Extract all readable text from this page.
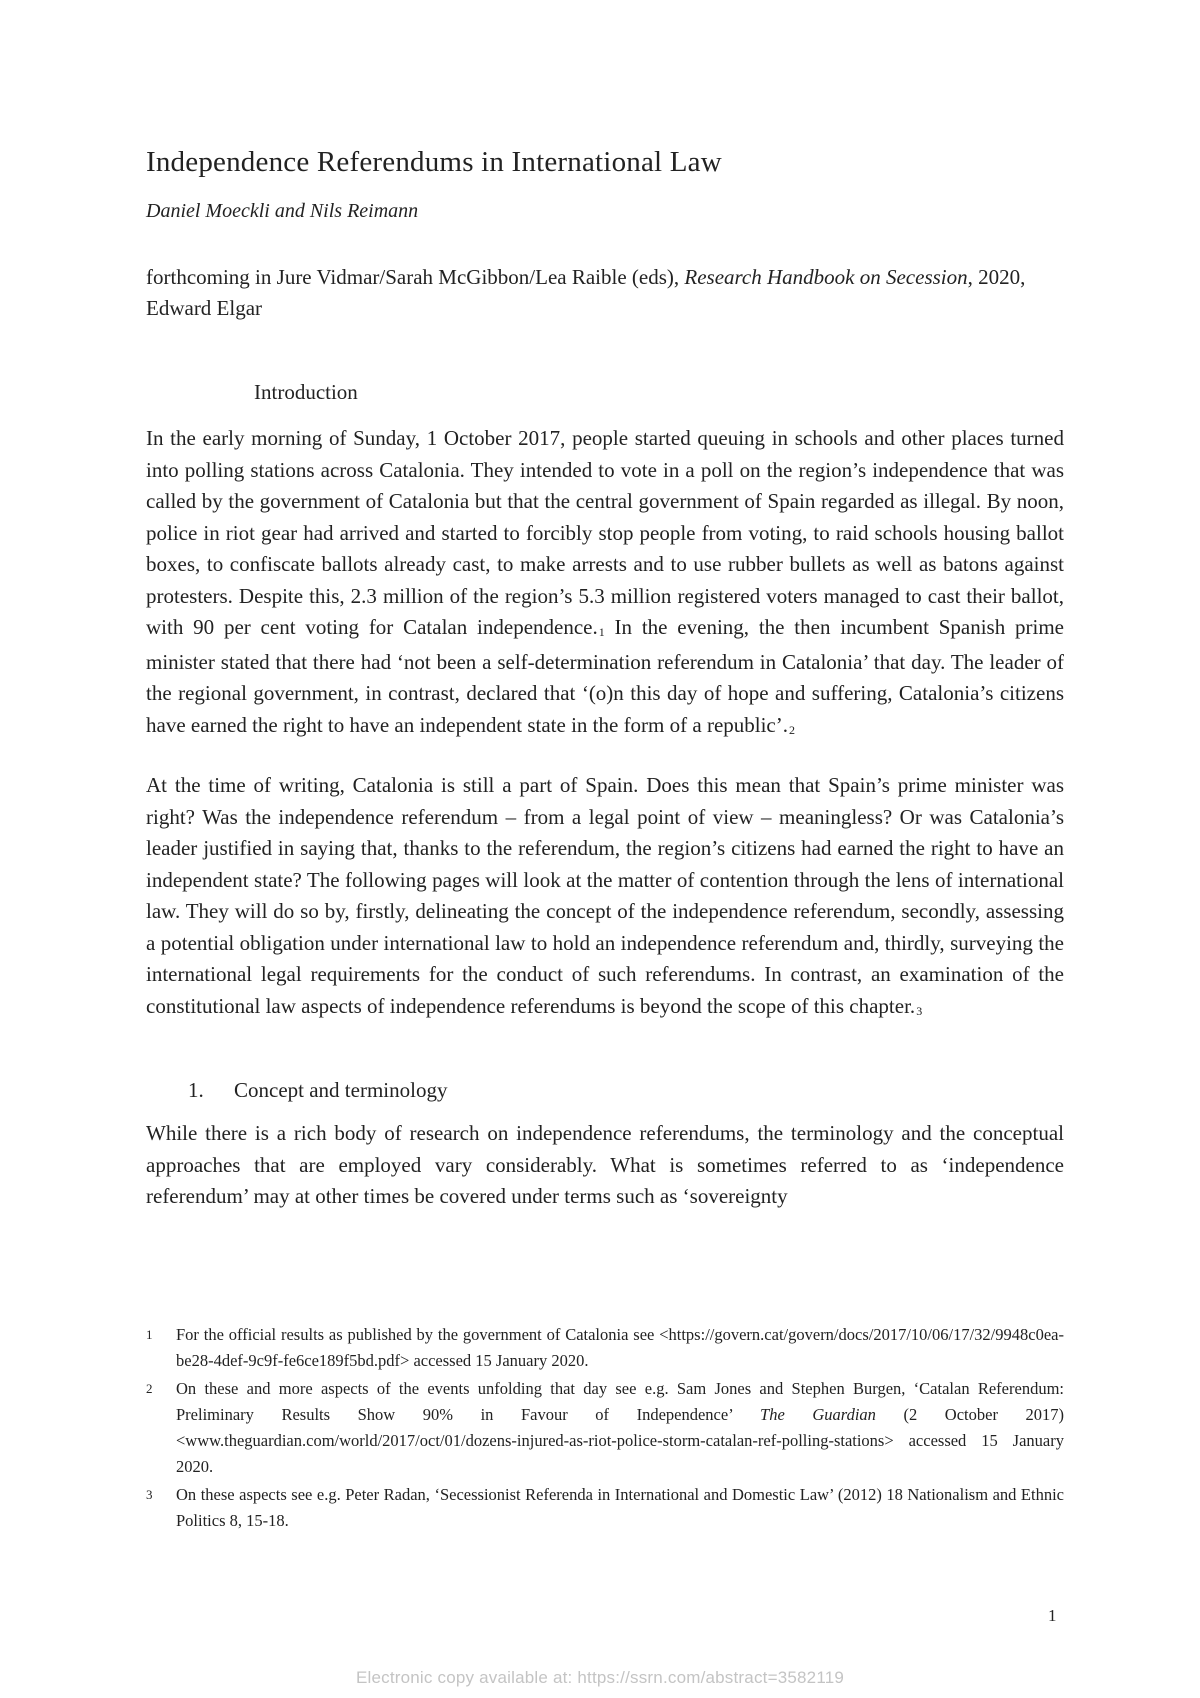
Independence Referendums in International Law
Daniel Moeckli and Nils Reimann
forthcoming in Jure Vidmar/Sarah McGibbon/Lea Raible (eds), Research Handbook on Secession, 2020, Edward Elgar
Introduction

In the early morning of Sunday, 1 October 2017, people started queuing in schools and other places turned into polling stations across Catalonia. They intended to vote in a poll on the region’s independence that was called by the government of Catalonia but that the central government of Spain regarded as illegal. By noon, police in riot gear had arrived and started to forcibly stop people from voting, to raid schools housing ballot boxes, to confiscate ballots already cast, to make arrests and to use rubber bullets as well as batons against protesters. Despite this, 2.3 million of the region’s 5.3 million registered voters managed to cast their ballot, with 90 per cent voting for Catalan independence.$^1$ In the evening, the then incumbent Spanish prime minister stated that there had ‘not been a self-determination referendum in Catalonia’ that day. The leader of the regional government, in contrast, declared that ‘(o)n this day of hope and suffering, Catalonia’s citizens have earned the right to have an independent state in the form of a republic’.$^2$

At the time of writing, Catalonia is still a part of Spain. Does this mean that Spain’s prime minister was right? Was the independence referendum – from a legal point of view – meaningless? Or was Catalonia’s leader justified in saying that, thanks to the referendum, the region’s citizens had earned the right to have an independent state? The following pages will look at the matter of contention through the lens of international law. They will do so by, firstly, delineating the concept of the independence referendum, secondly, assessing a potential obligation under international law to hold an independence referendum and, thirdly, surveying the international legal requirements for the conduct of such referendums. In contrast, an examination of the constitutional law aspects of independence referendums is beyond the scope of this chapter.$^3$

1. Concept and terminology

While there is a rich body of research on independence referendums, the terminology and the conceptual approaches that are employed vary considerably. What is sometimes referred to as ‘independence referendum’ may at other times be covered under terms such as ‘sovereignty

1 For the official results as published by the government of Catalonia see <https://govern.cat/govern/docs/2017/10/06/17/32/9948c0ea-be28-4def-9c9f-fe6ce189f5bd.pdf> accessed 15 January 2020.
2 On these and more aspects of the events unfolding that day see e.g. Sam Jones and Stephen Burgen, ‘Catalan Referendum: Preliminary Results Show 90% in Favour of Independence’ The Guardian (2 October 2017) <www.theguardian.com/world/2017/oct/01/dozens-injured-as-riot-police-storm-catalan-ref-polling-stations> accessed 15 January 2020.
3 On these aspects see e.g. Peter Radan, ‘Secessionist Referenda in International and Domestic Law’ (2012) 18 Nationalism and Ethnic Politics 8, 15-18.
1
Electronic copy available at: https://ssrn.com/abstract=3582119
